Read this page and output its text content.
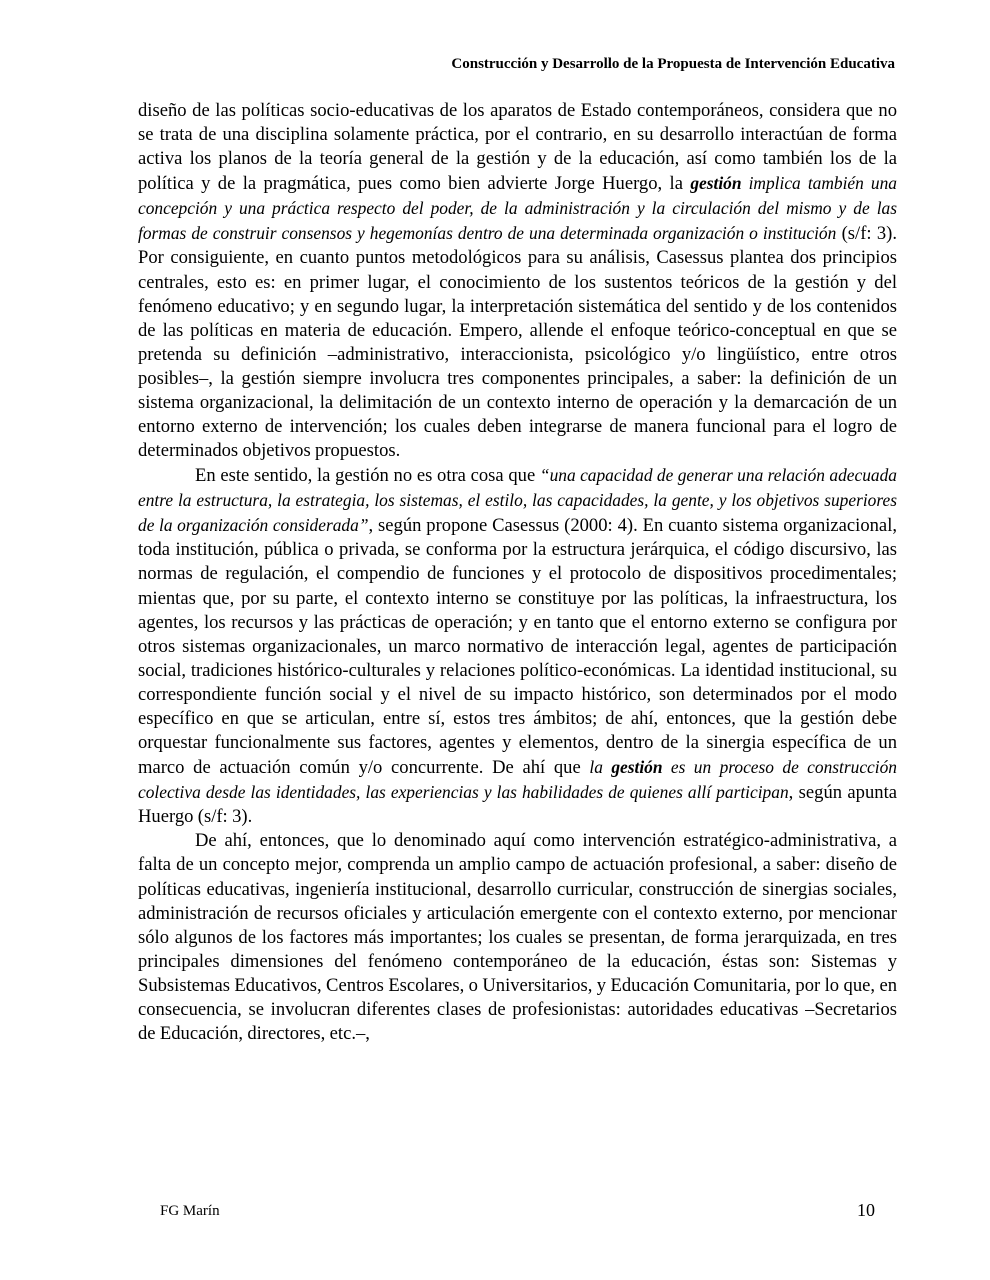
Construcción y Desarrollo de la Propuesta de Intervención Educativa

diseño de las políticas socio-educativas de los aparatos de Estado contemporáneos, considera que no se trata de una disciplina solamente práctica, por el contrario, en su desarrollo interactúan de forma activa los planos de la teoría general de la gestión y de la educación, así como también los de la política y de la pragmática, pues como bien advierte Jorge Huergo, la gestión implica también una concepción y una práctica respecto del poder, de la administración y la circulación del mismo y de las formas de construir consensos y hegemonías dentro de una determinada organización o institución (s/f: 3). Por consiguiente, en cuanto puntos metodológicos para su análisis, Casessus plantea dos principios centrales, esto es: en primer lugar, el conocimiento de los sustentos teóricos de la gestión y del fenómeno educativo; y en segundo lugar, la interpretación sistemática del sentido y de los contenidos de las políticas en materia de educación. Empero, allende el enfoque teórico-conceptual en que se pretenda su definición –administrativo, interaccionista, psicológico y/o lingüístico, entre otros posibles–, la gestión siempre involucra tres componentes principales, a saber: la definición de un sistema organizacional, la delimitación de un contexto interno de operación y la demarcación de un entorno externo de intervención; los cuales deben integrarse de manera funcional para el logro de determinados objetivos propuestos.

En este sentido, la gestión no es otra cosa que “una capacidad de generar una relación adecuada entre la estructura, la estrategia, los sistemas, el estilo, las capacidades, la gente, y los objetivos superiores de la organización considerada”, según propone Casessus (2000: 4). En cuanto sistema organizacional, toda institución, pública o privada, se conforma por la estructura jerárquica, el código discursivo, las normas de regulación, el compendio de funciones y el protocolo de dispositivos procedimentales; mientas que, por su parte, el contexto interno se constituye por las políticas, la infraestructura, los agentes, los recursos y las prácticas de operación; y en tanto que el entorno externo se configura por otros sistemas organizacionales, un marco normativo de interacción legal, agentes de participación social, tradiciones histórico-culturales y relaciones político-económicas. La identidad institucional, su correspondiente función social y el nivel de su impacto histórico, son determinados por el modo específico en que se articulan, entre sí, estos tres ámbitos; de ahí, entonces, que la gestión debe orquestar funcionalmente sus factores, agentes y elementos, dentro de la sinergia específica de un marco de actuación común y/o concurrente. De ahí que la gestión es un proceso de construcción colectiva desde las identidades, las experiencias y las habilidades de quienes allí participan, según apunta Huergo (s/f: 3).

De ahí, entonces, que lo denominado aquí como intervención estratégico-administrativa, a falta de un concepto mejor, comprenda un amplio campo de actuación profesional, a saber: diseño de políticas educativas, ingeniería institucional, desarrollo curricular, construcción de sinergias sociales, administración de recursos oficiales y articulación emergente con el contexto externo, por mencionar sólo algunos de los factores más importantes; los cuales se presentan, de forma jerarquizada, en tres principales dimensiones del fenómeno contemporáneo de la educación, éstas son: Sistemas y Subsistemas Educativos, Centros Escolares, o Universitarios, y Educación Comunitaria, por lo que, en consecuencia, se involucran diferentes clases de profesionistas: autoridades educativas –Secretarios de Educación, directores, etc.–,

FG Marín	10
